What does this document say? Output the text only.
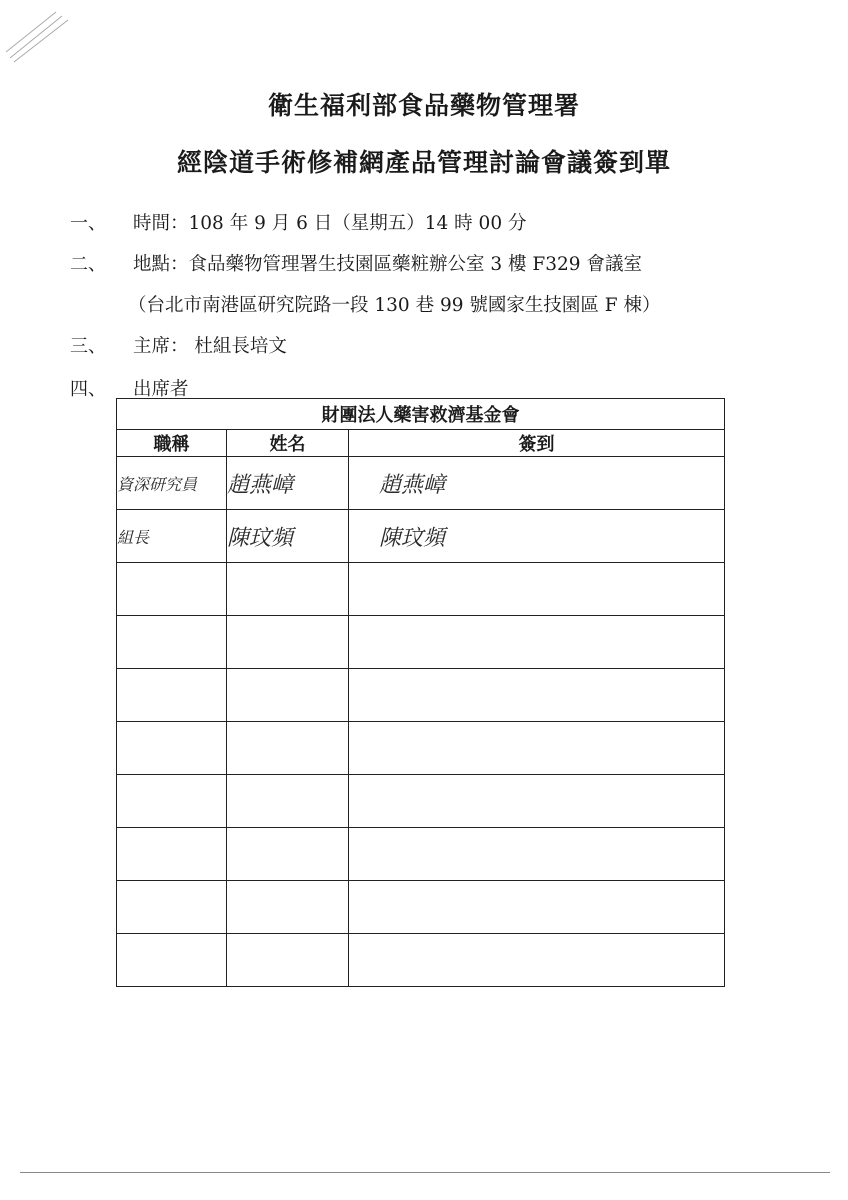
衛生福利部食品藥物管理署
經陰道手術修補網產品管理討論會議簽到單
一、 時間：108 年 9 月 6 日（星期五）14 時 00 分
二、 地點：食品藥物管理署生技園區藥粧辦公室 3 樓 F329 會議室
（台北市南港區研究院路一段 130 巷 99 號國家生技園區 F 棟）
三、 主席： 杜組長培文
四、 出席者
財團法人藥害救濟基金會		
職稱	姓名	簽到
資深研究員	趙燕嶂	趙燕嶂
組長	陳玟頻	陳玟頻
